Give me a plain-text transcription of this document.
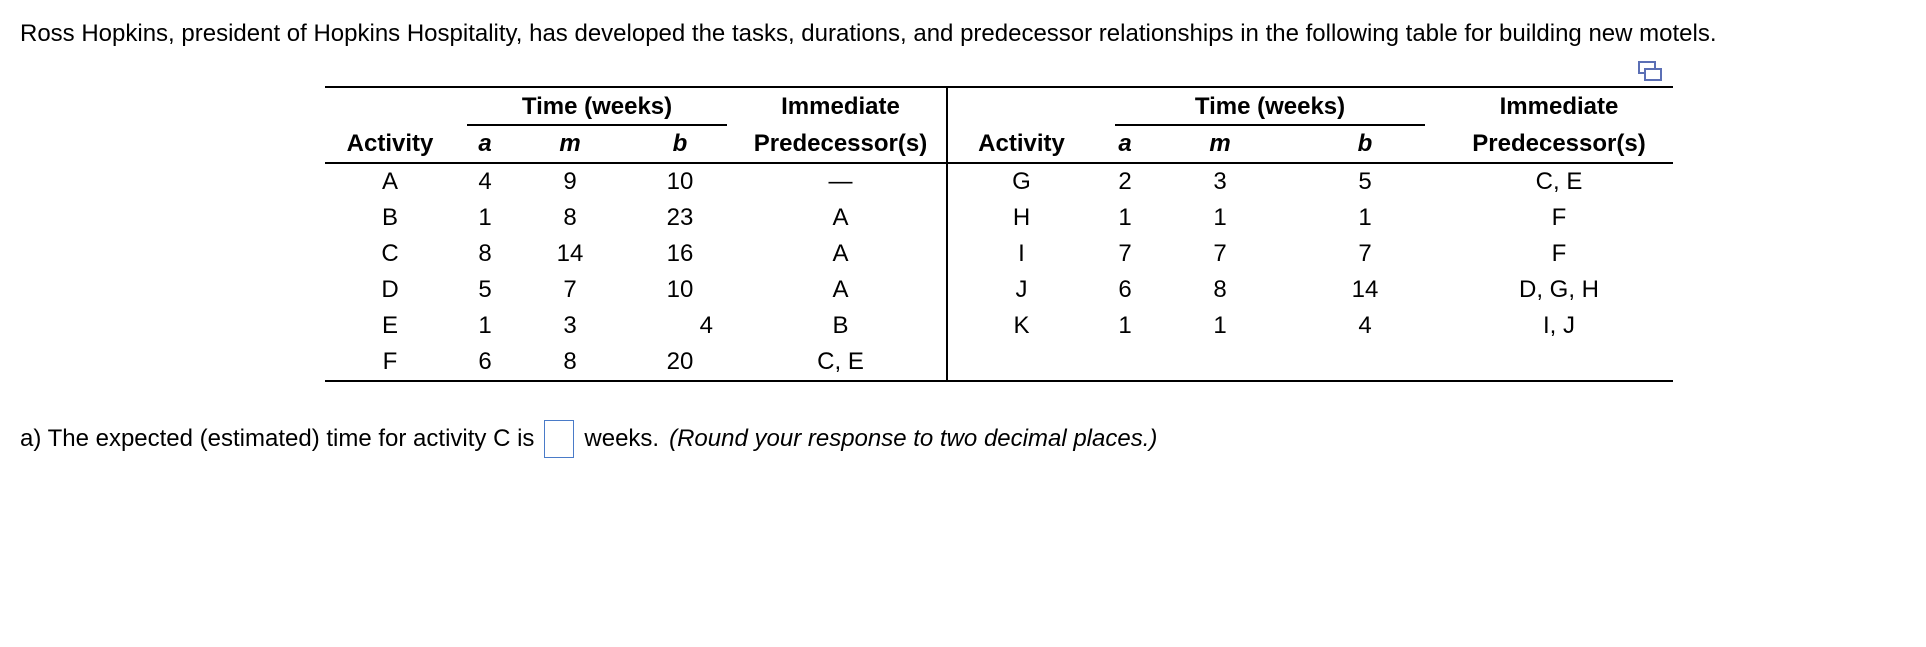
Ross Hopkins, president of Hopkins Hospitality, has developed the tasks, durations, and predecessor relationships in the following table for building new motels.

	Time (weeks)			Immediate		Time (weeks)			Immediate
Activity	a	m	b	Predecessor(s)	Activity	a	m	b	Predecessor(s)
A	4	9	10	—	G	2	3	5	C, E
B	1	8	23	A	H	1	1	1	F
C	8	14	16	A	I	7	7	7	F
D	5	7	10	A	J	6	8	14	D, G, H
E	1	3	4	B	K	1	1	4	I, J
F	6	8	20	C, E					
a) The expected (estimated) time for activity C is weeks. (Round your response to two decimal places.)
